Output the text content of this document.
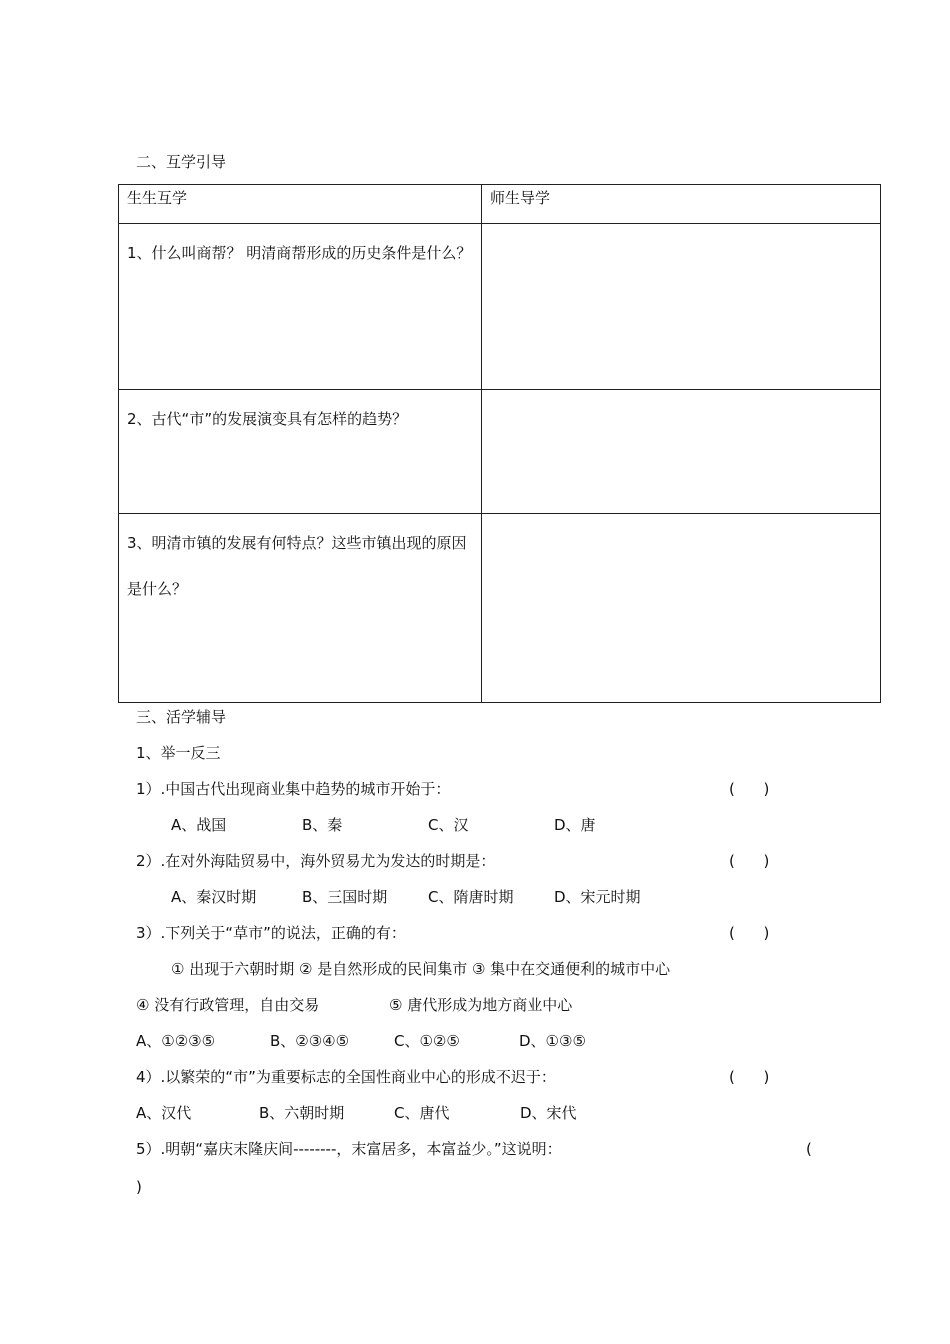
二、互学引导
生生互学	师生导学

1、什么叫商帮？ 明清商帮形成的历史条件是什么？	

2、古代“市”的发展演变具有怎样的趋势？	

3、明清市镇的发展有何特点？这些市镇出现的原因是什么？	

三、活学辅导
1、举一反三
1）.中国古代出现商业集中趋势的城市开始于：	(      )
A、战国	B、秦	C、汉	D、唐
2）.在对外海陆贸易中，海外贸易尤为发达的时期是：	(      )
A、秦汉时期	B、三国时期	C、隋唐时期	D、宋元时期
3）.下列关于“草市”的说法，正确的有：	(      )
① 出现于六朝时期 ② 是自然形成的民间集市 ③ 集中在交通便利的城市中心
④ 没有行政管理，自由交易	⑤ 唐代形成为地方商业中心
A、①②③⑤	B、②③④⑤	C、①②⑤	D、①③⑤
4）.以繁荣的“市”为重要标志的全国性商业中心的形成不迟于：	(      )
A、汉代	B、六朝时期	C、唐代	D、宋代
5）.明朝“嘉庆末隆庆间--------，末富居多，本富益少。”这说明：	(
)
